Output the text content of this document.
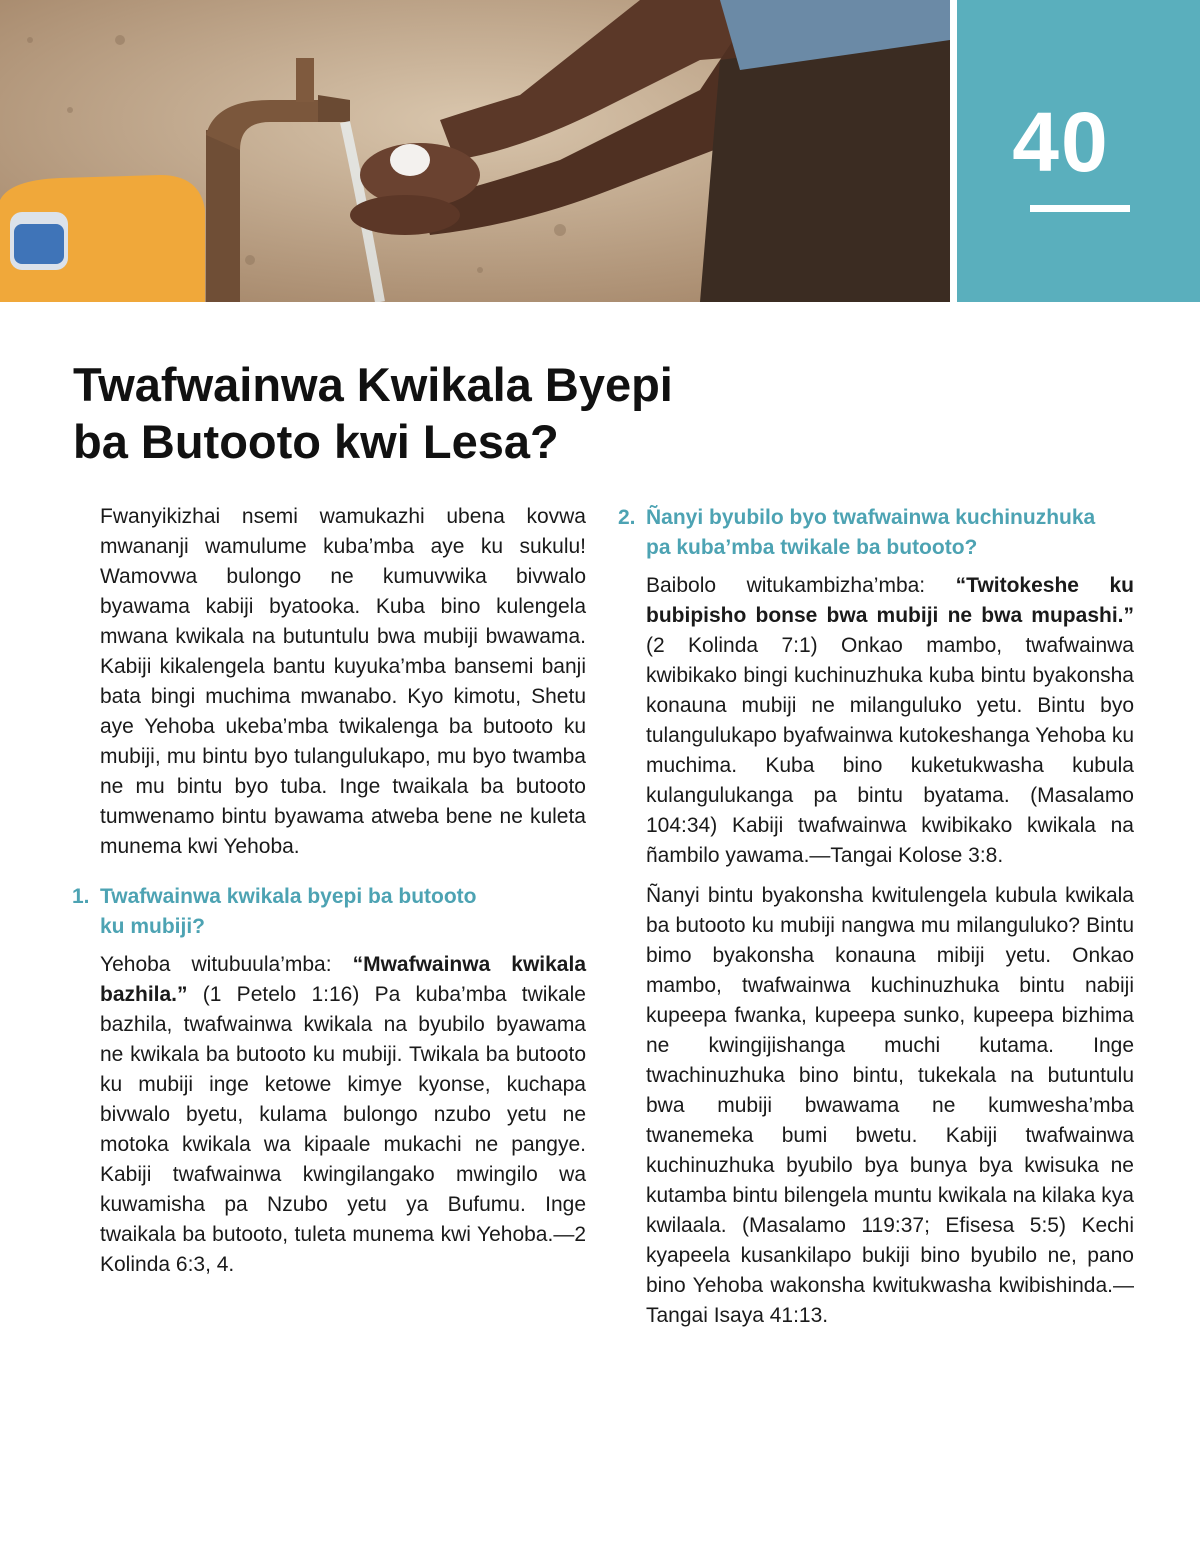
40
Twafwainwa Kwikala Byepi
ba Butooto kwi Lesa?

Fwanyikizhai nsemi wamukazhi ubena kovwa mwananji wamulume kuba’mba aye ku sukulu! Wamovwa bulongo ne kumuvwika bivwalo byawama kabiji byatooka. Kuba bino kulengela mwana kwikala na butuntulu bwa mubiji bwawama. Kabiji kikalengela bantu kuyuka’mba bansemi banji bata bingi muchima mwanabo. Kyo kimotu, Shetu aye Yehoba ukeba’mba twikalenga ba butooto ku mubiji, mu bintu byo tulangulukapo, mu byo twamba ne mu bintu byo tuba. Inge twaikala ba butooto tumwenamo bintu byawama atweba bene ne kuleta munema kwi Yehoba.

1. Twafwainwa kwikala byepi ba butooto
ku mubiji?

Yehoba witubuula’mba: “Mwafwainwa kwikala bazhila.” (1 Petelo 1:16) Pa kuba’mba twikale bazhila, twafwainwa kwikala na byubilo byawama ne kwikala ba butooto ku mubiji. Twikala ba butooto ku mubiji inge ketowe kimye kyonse, kuchapa bivwalo byetu, kulama bulongo nzubo yetu ne motoka kwikala wa kipaale mukachi ne pangye. Kabiji twafwainwa kwingilangako mwingilo wa kuwamisha pa Nzubo yetu ya Bufumu. Inge twaikala ba butooto, tuleta munema kwi Yehoba.—2 Kolinda 6:3, 4.

2. Ñanyi byubilo byo twafwainwa kuchinuzhuka
pa kuba’mba twikale ba butooto?

Baibolo witukambizha’mba: “Twitokeshe ku bubipisho bonse bwa mubiji ne bwa mupashi.” (2 Kolinda 7:1) Onkao mambo, twafwainwa kwibikako bingi kuchinuzhuka kuba bintu byakonsha konauna mubiji ne milanguluko yetu. Bintu byo tulangulukapo byafwainwa kutokeshanga Yehoba ku muchima. Kuba bino kuketukwasha kubula kulangulukanga pa bintu byatama. (Masalamo 104:34) Kabiji twafwainwa kwibikako kwikala na ñambilo yawama.—Tangai Kolose 3:8.

Ñanyi bintu byakonsha kwitulengela kubula kwikala ba butooto ku mubiji nangwa mu milanguluko? Bintu bimo byakonsha konauna mibiji yetu. Onkao mambo, twafwainwa kuchinuzhuka bintu nabiji kupeepa fwanka, kupeepa sunko, kupeepa bizhima ne kwingijishanga muchi kutama. Inge twachinuzhuka bino bintu, tukekala na butuntulu bwa mubiji bwawama ne kumwesha’mba twanemeka bumi bwetu. Kabiji twafwainwa kuchinuzhuka byubilo bya bunya bya kwisuka ne kutamba bintu bilengela muntu kwikala na kilaka kya kwilaala. (Masalamo 119:37; Efisesa 5:5) Kechi kyapeela kusankilapo bukiji bino byubilo ne, pano bino Yehoba wakonsha kwitukwasha kwibishinda.—Tangai Isaya 41:13.
